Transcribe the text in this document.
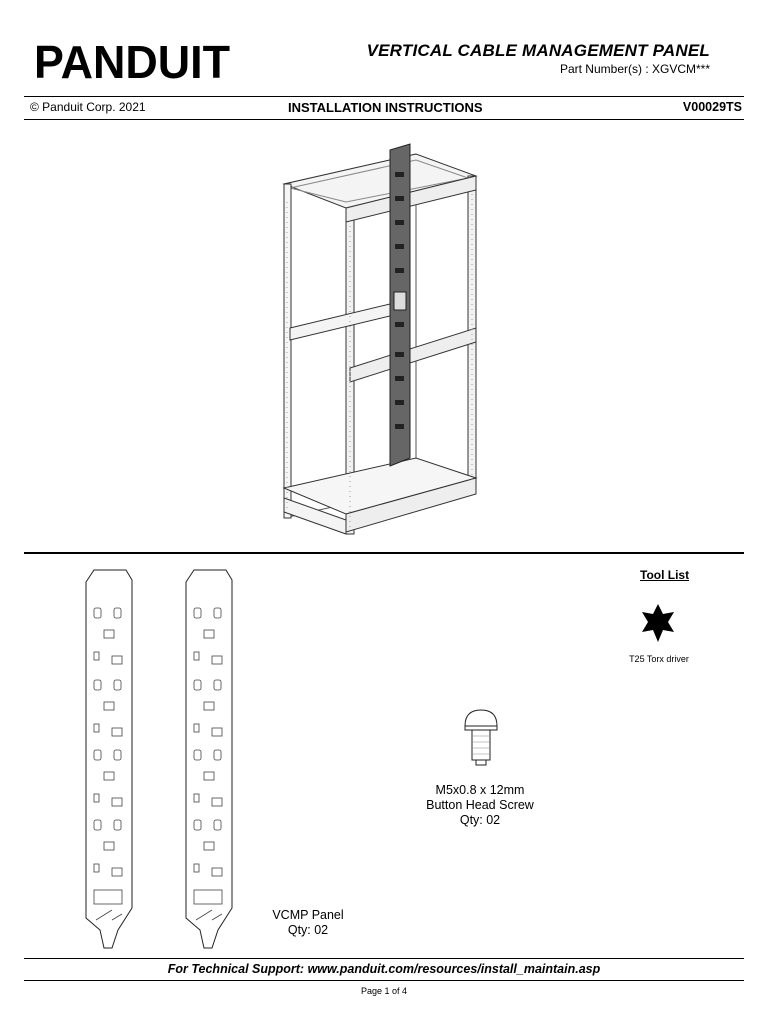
PANDUIT	VERTICAL CABLE MANAGEMENT PANEL
Part Number(s) : XGVCM***
© Panduit Corp. 2021	INSTALLATION INSTRUCTIONS	V00029TS
VCMP Panel
Qty: 02
Tool List
T25 Torx driver
M5x0.8 x 12mm
Button Head Screw
Qty: 02
For Technical Support: www.panduit.com/resources/install_maintain.asp
Page 1 of 4
